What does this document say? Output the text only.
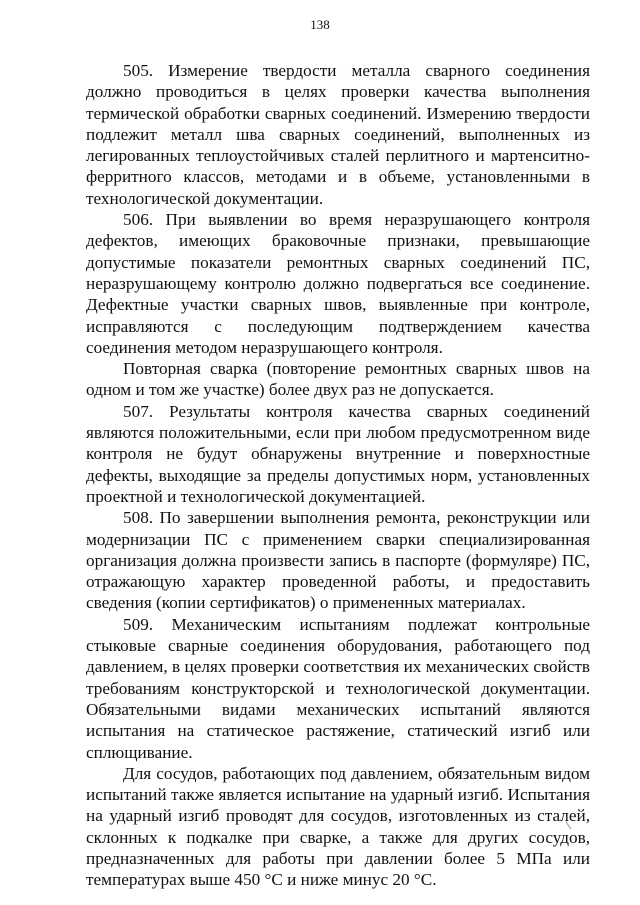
138

505. Измерение твердости металла сварного соединения должно проводиться в целях проверки качества выполнения термической обработки сварных соединений. Измерению твердости подлежит металл шва сварных соединений, выполненных из легированных теплоустойчивых сталей перлитного и мартенситно-ферритного классов, методами и в объеме, установленными в технологической документации.

506. При выявлении во время неразрушающего контроля дефектов, имеющих браковочные признаки, превышающие допустимые показатели ремонтных сварных соединений ПС, неразрушающему контролю должно подвергаться все соединение. Дефектные участки сварных швов, выявленные при контроле, исправляются с последующим подтверждением качества соединения методом неразрушающего контроля.

Повторная сварка (повторение ремонтных сварных швов на одном и том же участке) более двух раз не допускается.

507. Результаты контроля качества сварных соединений являются положительными, если при любом предусмотренном виде контроля не будут обнаружены внутренние и поверхностные дефекты, выходящие за пределы допустимых норм, установленных проектной и технологической документацией.

508. По завершении выполнения ремонта, реконструкции или модернизации ПС с применением сварки специализированная организация должна произвести запись в паспорте (формуляре) ПС, отражающую характер проведенной работы, и предоставить сведения (копии сертификатов) о примененных материалах.

509. Механическим испытаниям подлежат контрольные стыковые сварные соединения оборудования, работающего под давлением, в целях проверки соответствия их механических свойств требованиям конструкторской и технологической документации. Обязательными видами механических испытаний являются испытания на статическое растяжение, статический изгиб или сплющивание.

Для сосудов, работающих под давлением, обязательным видом испытаний также является испытание на ударный изгиб. Испытания на ударный изгиб проводят для сосудов, изготовленных из сталей, склонных к подкалке при сварке, а также для других сосудов, предназначенных для работы при давлении более 5 МПа или температурах выше 450 °С и ниже минус 20 °С.
